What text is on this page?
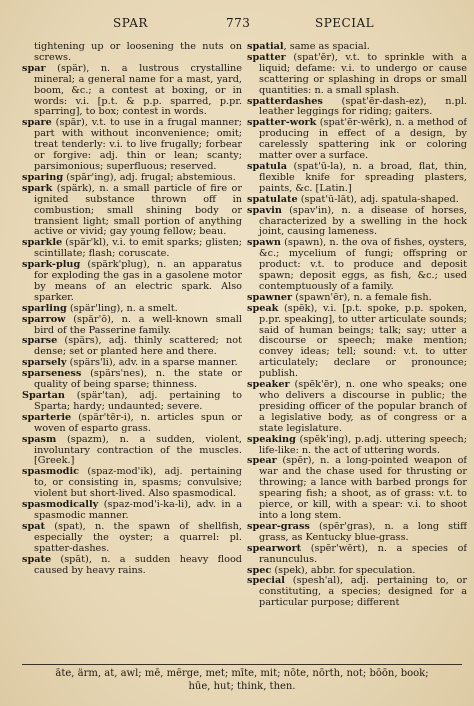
SPAR	773	SPECIAL

tightening up or loosening the nuts on screws.

spar (spär), n. a lustrous crystalline mineral; a general name for a mast, yard, boom, &c.; a contest at boxing, or in words: v.i. [p.t. & p.p. sparred, p.pr. sparring], to box; contest in words.

spare (spār), v.t. to use in a frugal manner; part with without inconvenience; omit; treat tenderly: v.i. to live frugally; forbear or forgive: adj. thin or lean; scanty; parsimonious; superfluous; reserved.

sparing (spār'ing), adj. frugal; abstemious.

spark (spärk), n. a small particle of fire or ignited substance thrown off in combustion; small shining body or transient light; small portion of anything active or vivid; gay young fellow; beau.

sparkle (spär'kl), v.i. to emit sparks; glisten; scintillate; flash; coruscate.

spark-plug (spärk'plug), n. an apparatus for exploding the gas in a gasolene motor by means of an electric spark. Also sparker.

sparling (spär'ling), n. a smelt.

sparrow (spăr'ō), n. a well-known small bird of the Passerine family.

sparse (spärs), adj. thinly scattered; not dense; set or planted here and there.

sparsely (spärs'li), adv. in a sparse manner.

sparseness (spärs'nes), n. the state or quality of being sparse; thinness.

Spartan (spär'tan), adj. pertaining to Sparta; hardy; undaunted; severe.

sparterie (spär'tēr-i), n. articles spun or woven of esparto grass.

spasm (spazm), n. a sudden, violent, involuntary contraction of the muscles. [Greek.]

spasmodic (spaz-mod'ik), adj. pertaining to, or consisting in, spasms; convulsive; violent but short-lived. Also spasmodical.

spasmodically (spaz-mod'i-ka-li), adv. in a spasmodic manner.

spat (spat), n. the spawn of shellfish, especially the oyster; a quarrel: pl. spatter-dashes.

spate (spāt), n. a sudden heavy flood caused by heavy rains.

spatial, same as spacial.

spatter (spat'ēr), v.t. to sprinkle with a liquid; defame: v.i. to undergo or cause scattering or splashing in drops or small quantities: n. a small splash.

spatterdashes (spat'ēr-dash-ez), n.pl. leather leggings for riding; gaiters.

spatter-work (spat'ēr-wērk), n. a method of producing in effect of a design, by carelessly spattering ink or coloring matter over a surface.

spatula (spat'ū-la), n. a broad, flat, thin, flexible knife for spreading plasters, paints, &c. [Latin.]

spatulate (spat'ū-lāt), adj. spatula-shaped.

spavin (spav'in), n. a disease of horses, characterized by a swelling in the hock joint, causing lameness.

spawn (spawn), n. the ova of fishes, oysters, &c.; mycelium of fungi; offspring or product: v.t. to produce and deposit spawn; deposit eggs, as fish, &c.; used contemptuously of a family.

spawner (spawn'ēr), n. a female fish.

speak (spēk), v.i. [p.t. spoke, p.p. spoken, p.pr. speaking], to utter articulate sounds; said of human beings; talk; say; utter a discourse or speech; make mention; convey ideas; tell; sound: v.t. to utter articulately; declare or pronounce; publish.

speaker (spēk'ēr), n. one who speaks; one who delivers a discourse in public; the presiding officer of the popular branch of a legislative body, as of congress or a state legislature.

speaking (spēk'ing), p.adj. uttering speech; life-like: n. the act of uttering words.

spear (spēr), n. a long-pointed weapon of war and the chase used for thrusting or throwing; a lance with barbed prongs for spearing fish; a shoot, as of grass: v.t. to pierce, or kill, with a spear: v.i. to shoot into a long stem.

spear-grass (spēr'gras), n. a long stiff grass, as Kentucky blue-grass.

spearwort (spēr'wērt), n. a species of ranunculus.

spec (spek), abbr. for speculation.

special (spesh'al), adj. pertaining to, or constituting, a species; designed for a particular purpose; different

āte, ärm, at, awl; mē, mērge, met; mīte, mit; nōte, nōrth, not; bōōn, book;
hūe, hut; think, then.
